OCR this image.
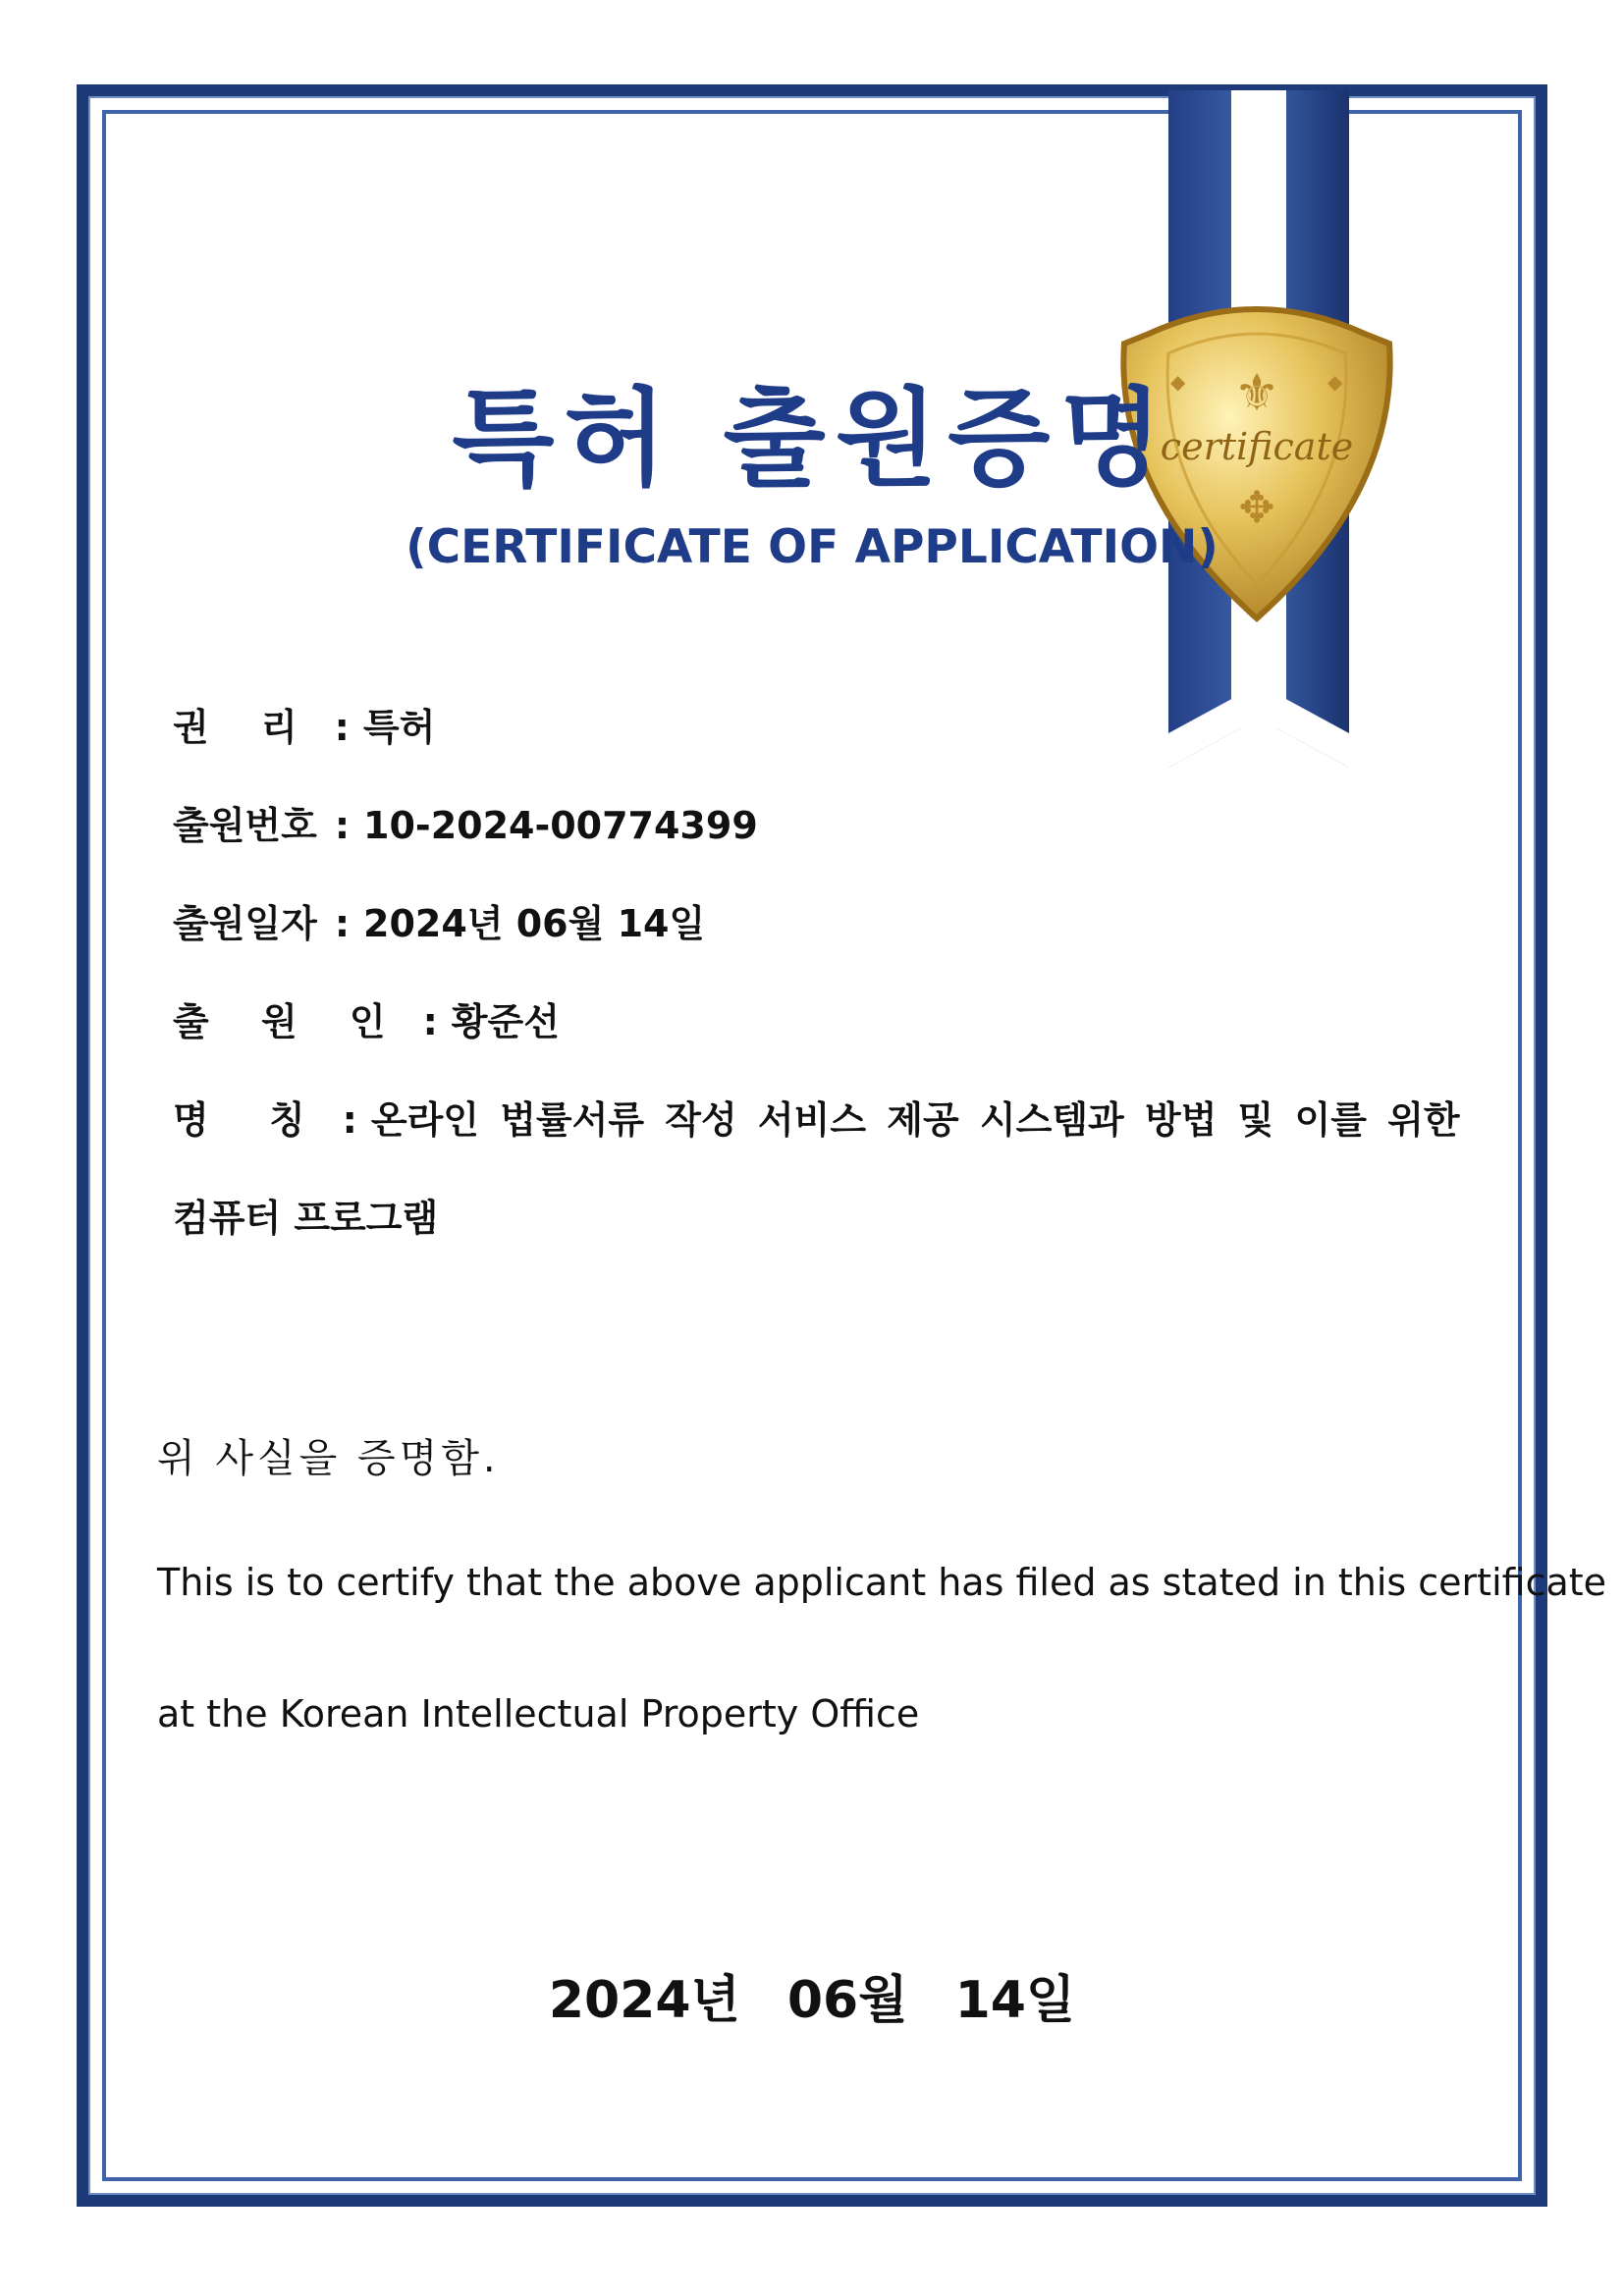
⚜
certificate
✥
◆	◆
특허 출원증명
(CERTIFICATE OF APPLICATION)
권 리 : 특허
출원번호 : 10-2024-00774399
출원일자 : 2024년 06월 14일
출 원 인 : 황준선
명 칭 : 온라인 법률서류 작성 서비스 제공 시스템과 방법 및 이를 위한
컴퓨터 프로그램
위 사실을 증명함.
This is to certify that the above applicant has filed as stated in this certificate
at the Korean Intellectual Property Office
2024년 06월 14일
